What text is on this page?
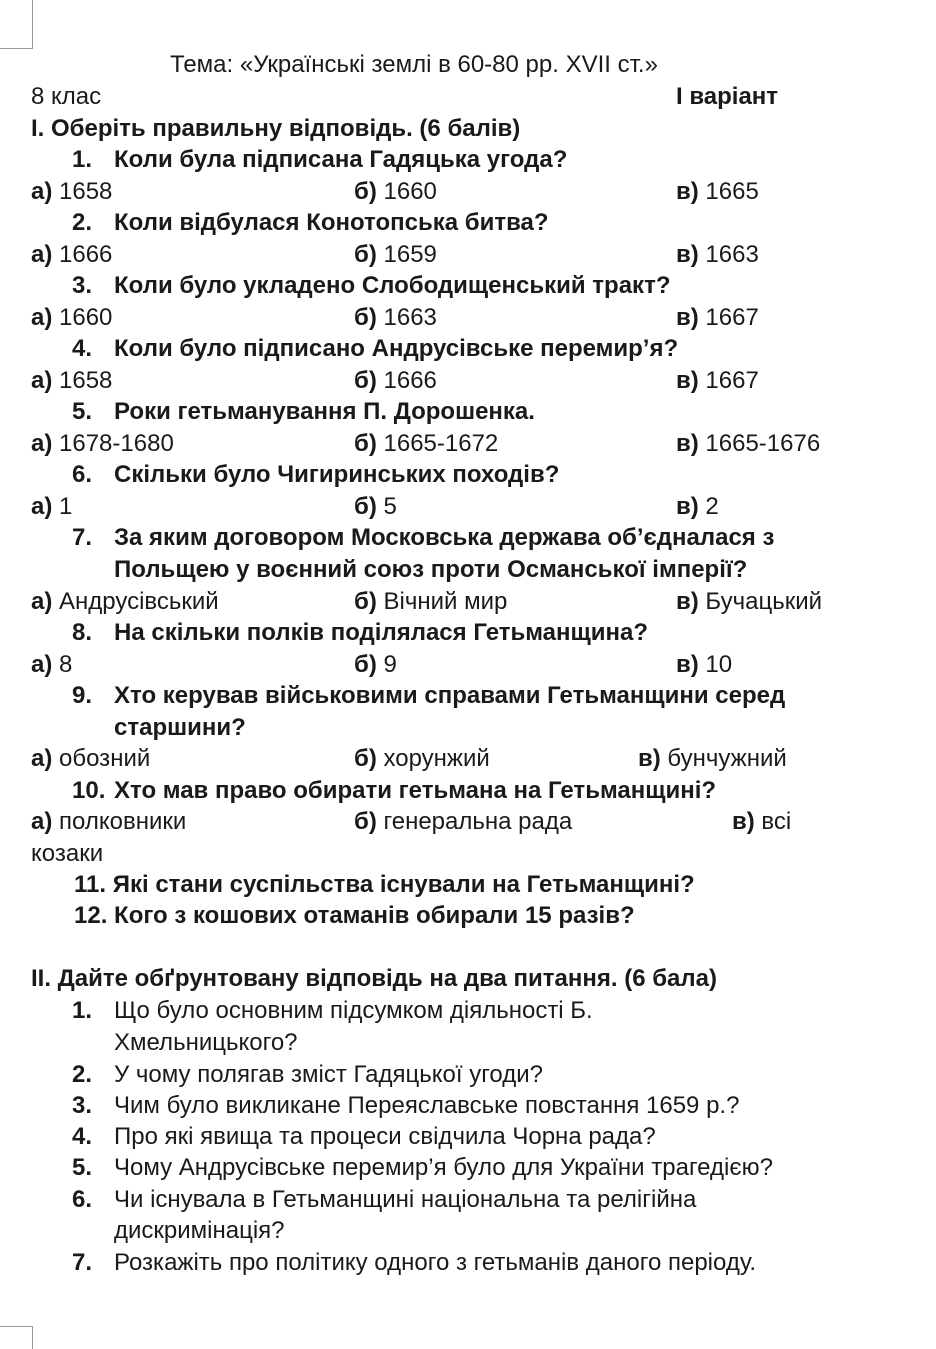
Тема: «Українські землі в 60-80 рр. XVII ст.»
8 клас	І варіант
І. Оберіть правильну відповідь. (6 балів)
1. Коли була підписана Гадяцька угода?
а) 1658	б) 1660	в) 1665
2. Коли відбулася Конотопська битва?
а) 1666	б) 1659	в) 1663
3. Коли було укладено Слободищенський тракт?
а) 1660	б) 1663	в) 1667
4. Коли було підписано Андрусівське перемир’я?
а) 1658	б) 1666	в) 1667
5. Роки гетьманування П. Дорошенка.
а) 1678-1680	б) 1665-1672	в) 1665-1676
6. Скільки було Чигиринських походів?
а) 1	б) 5	в) 2
7. За яким договором Московська держава об’єдналася з
Польщею у воєнний союз проти Османської імперії?
а) Андрусівський	б) Вічний мир	в) Бучацький
8. На скільки полків поділялася Гетьманщина?
а) 8	б) 9	в) 10
9. Хто керував військовими справами Гетьманщини серед
старшини?
а) обозний	б) хорунжий	в) бунчужний
10. Хто мав право обирати гетьмана на Гетьманщині?
а) полковники	б) генеральна рада	в) всі
козаки
11. Які стани суспільства існували на Гетьманщині?
12. Кого з кошових отаманів обирали 15 разів?
ІІ. Дайте обґрунтовану відповідь на два питання. (6 бала)
1. Що було основним підсумком діяльності Б.
Хмельницького?
2. У чому полягав зміст Гадяцької угоди?
3. Чим було викликане Переяславське повстання 1659 р.?
4. Про які явища та процеси свідчила Чорна рада?
5. Чому Андрусівське перемир’я було для України трагедією?
6. Чи існувала в Гетьманщині національна та релігійна
дискримінація?
7. Розкажіть про політику одного з гетьманів даного періоду.
